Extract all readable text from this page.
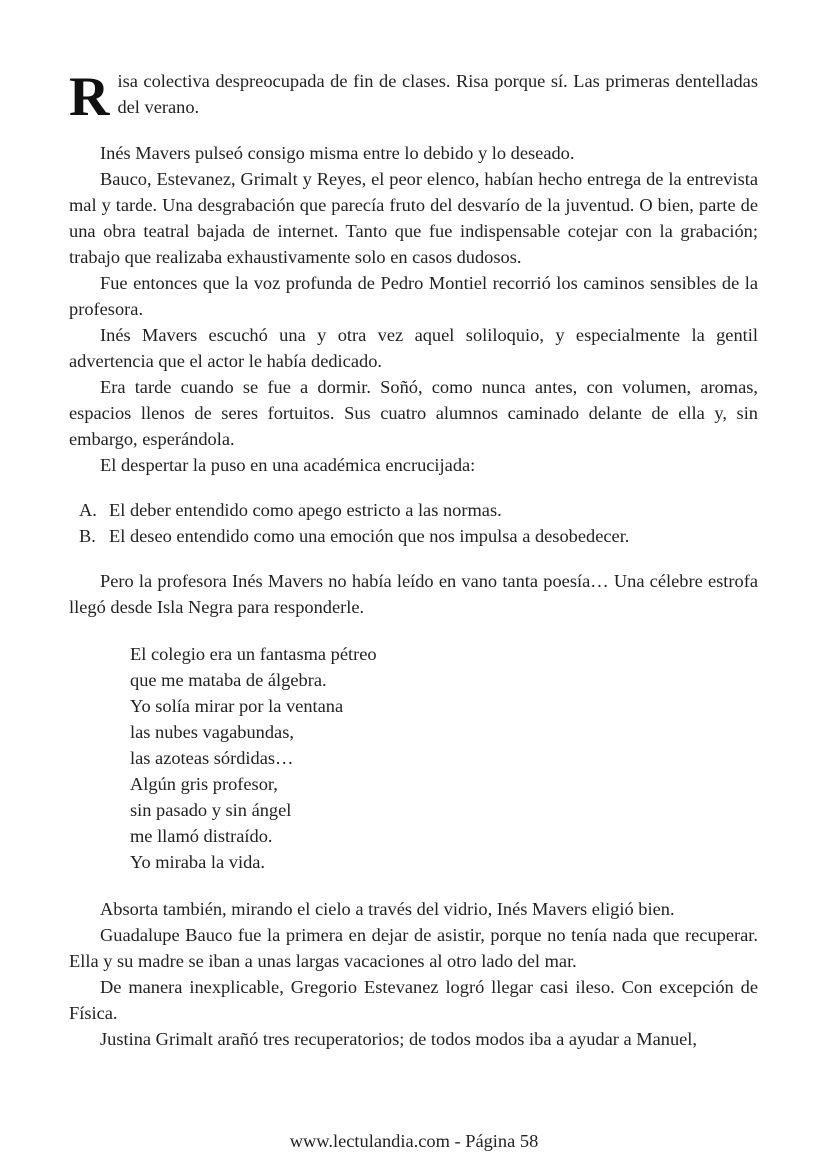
R isa colectiva despreocupada de fin de clases. Risa porque sí. Las primeras dentelladas del verano.

Inés Mavers pulseó consigo misma entre lo debido y lo deseado.

Bauco, Estevanez, Grimalt y Reyes, el peor elenco, habían hecho entrega de la entrevista mal y tarde. Una desgrabación que parecía fruto del desvarío de la juventud. O bien, parte de una obra teatral bajada de internet. Tanto que fue indispensable cotejar con la grabación; trabajo que realizaba exhaustivamente solo en casos dudosos.

Fue entonces que la voz profunda de Pedro Montiel recorrió los caminos sensibles de la profesora.

Inés Mavers escuchó una y otra vez aquel soliloquio, y especialmente la gentil advertencia que el actor le había dedicado.

Era tarde cuando se fue a dormir. Soñó, como nunca antes, con volumen, aromas, espacios llenos de seres fortuitos. Sus cuatro alumnos caminado delante de ella y, sin embargo, esperándola.

El despertar la puso en una académica encrucijada:

A. El deber entendido como apego estricto a las normas.
B. El deseo entendido como una emoción que nos impulsa a desobedecer.

Pero la profesora Inés Mavers no había leído en vano tanta poesía… Una célebre estrofa llegó desde Isla Negra para responderle.

El colegio era un fantasma pétreo
que me mataba de álgebra.
Yo solía mirar por la ventana
las nubes vagabundas,
las azoteas sórdidas…
Algún gris profesor,
sin pasado y sin ángel
me llamó distraído.
Yo miraba la vida.

Absorta también, mirando el cielo a través del vidrio, Inés Mavers eligió bien.

Guadalupe Bauco fue la primera en dejar de asistir, porque no tenía nada que recuperar. Ella y su madre se iban a unas largas vacaciones al otro lado del mar.

De manera inexplicable, Gregorio Estevanez logró llegar casi ileso. Con excepción de Física.

Justina Grimalt arañó tres recuperatorios; de todos modos iba a ayudar a Manuel,

www.lectulandia.com - Página 58
